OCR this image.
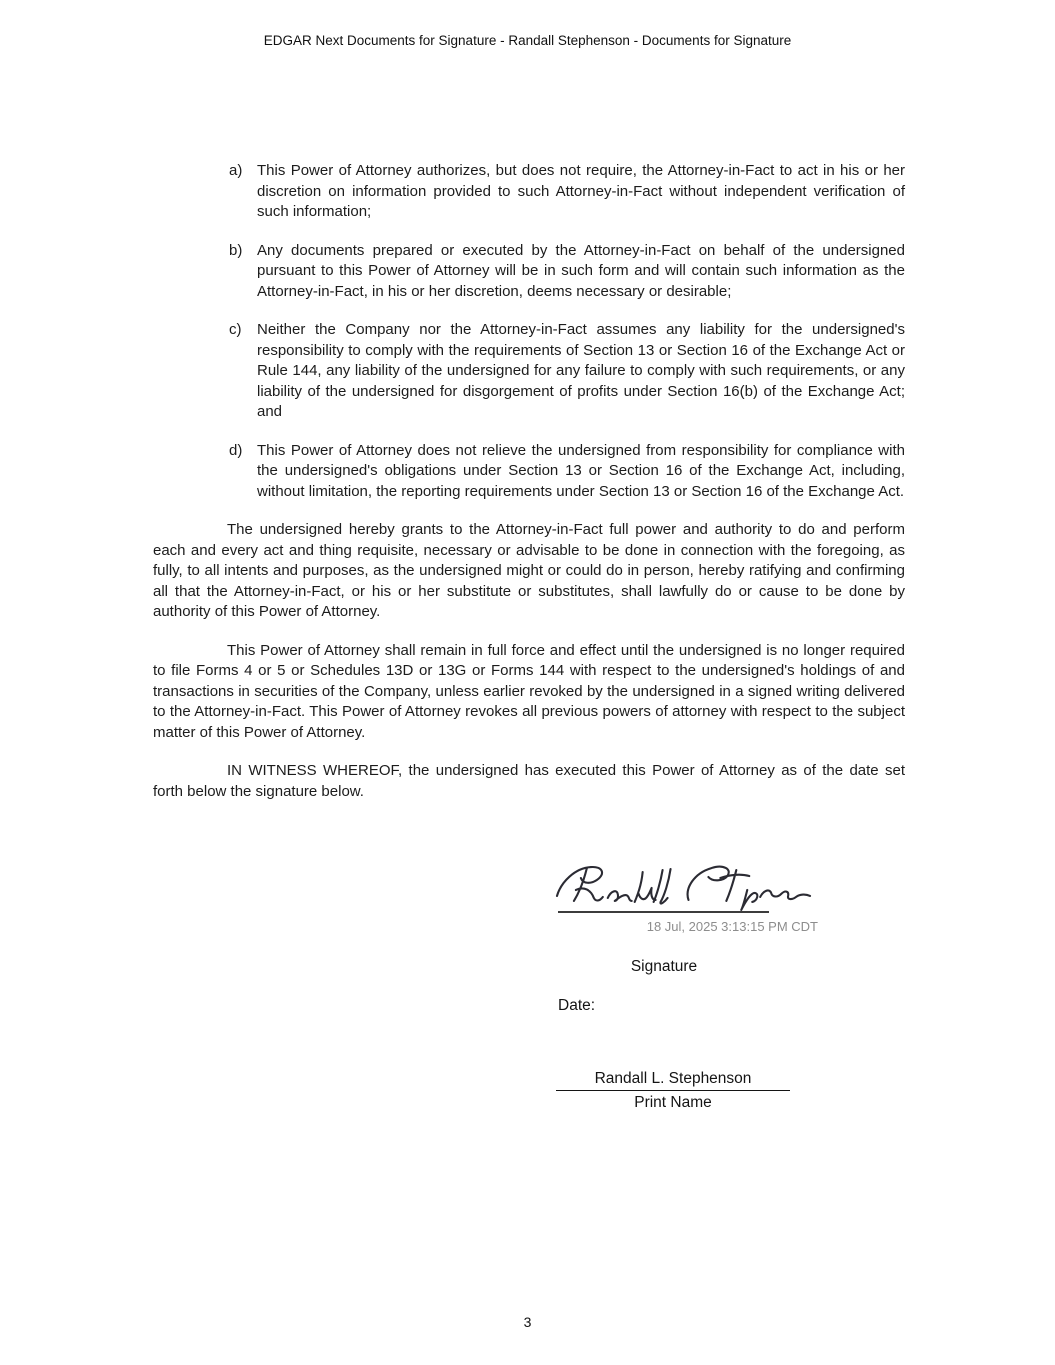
EDGAR Next Documents for Signature - Randall Stephenson - Documents for Signature
a) This Power of Attorney authorizes, but does not require, the Attorney-in-Fact to act in his or her discretion on information provided to such Attorney-in-Fact without independent verification of such information;
b) Any documents prepared or executed by the Attorney-in-Fact on behalf of the undersigned pursuant to this Power of Attorney will be in such form and will contain such information as the Attorney-in-Fact, in his or her discretion, deems necessary or desirable;
c)	Neither the Company nor the Attorney-in-Fact assumes any liability for the undersigned's responsibility to comply with the requirements of Section 13 or Section 16 of the Exchange Act or Rule 144, any liability of the undersigned for any failure to comply with such requirements, or any liability of the undersigned for disgorgement of profits under Section 16(b) of the Exchange Act; and
d) This Power of Attorney does not relieve the undersigned from responsibility for compliance with the undersigned's obligations under Section 13 or Section 16 of the Exchange Act, including, without limitation, the reporting requirements under Section 13 or Section 16 of the Exchange Act.

The undersigned hereby grants to the Attorney-in-Fact full power and authority to do and perform each and every act and thing requisite, necessary or advisable to be done in connection with the foregoing, as fully, to all intents and purposes, as the undersigned might or could do in person, hereby ratifying and confirming all that the Attorney-in-Fact, or his or her substitute or substitutes, shall lawfully do or cause to be done by authority of this Power of Attorney.

This Power of Attorney shall remain in full force and effect until the undersigned is no longer required to file Forms 4 or 5 or Schedules 13D or 13G or Forms 144 with respect to the undersigned's holdings of and transactions in securities of the Company, unless earlier revoked by the undersigned in a signed writing delivered to the Attorney-in-Fact. This Power of Attorney revokes all previous powers of attorney with respect to the subject matter of this Power of Attorney.

IN WITNESS WHEREOF, the undersigned has executed this Power of Attorney as of the date set forth below the signature below.

18 Jul, 2025 3:13:15 PM CDT
Signature
Date:
Randall L. Stephenson
Print Name
3
